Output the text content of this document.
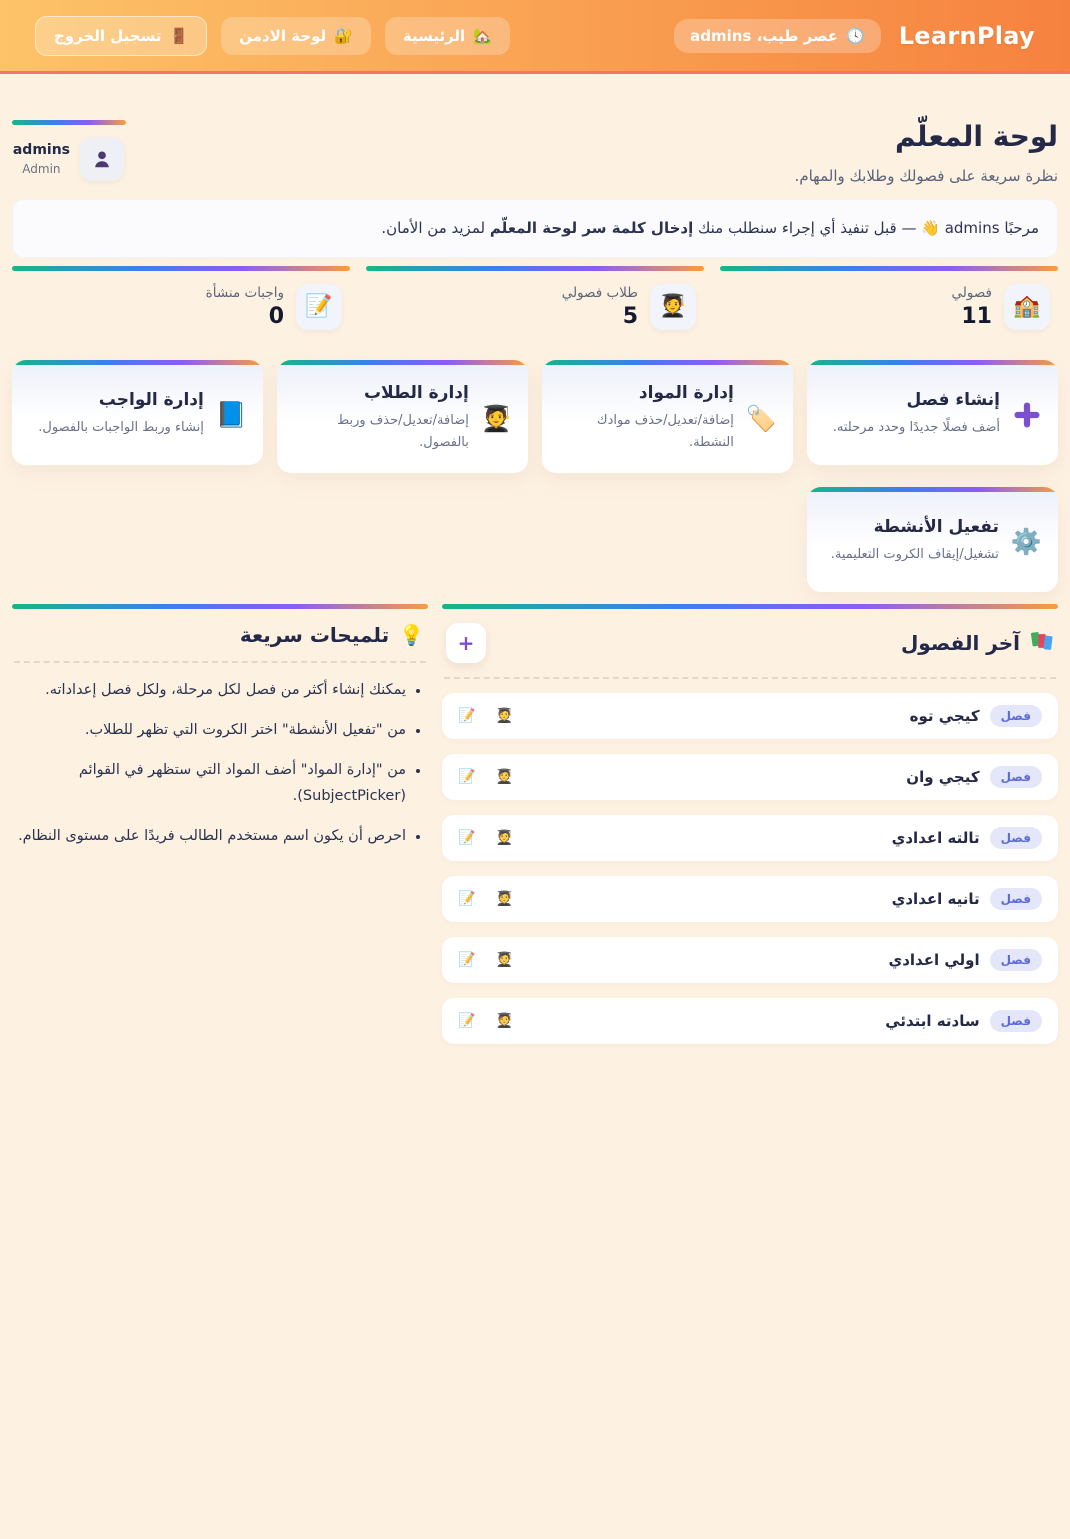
LearnPlay
🕓
عصر طيب، admins
🏡
الرئيسية
🔐
لوحة الادمن
🚪
تسجيل الخروج
لوحة المعلّم

نظرة سريعة على فصولك وطلابك والمهام.

admins
Admin
مرحبًا admins 👋 — قبل تنفيذ أي إجراء سنطلب منك إدخال كلمة سر لوحة المعلّم لمزيد من الأمان.
🏫
فصولي
11
🧑‍🎓
طلاب فصولي
5
📝
واجبات منشأة
0
إنشاء فصل
أضف فصلًا جديدًا وحدد مرحلته.
🏷️
إدارة المواد
إضافة/تعديل/حذف موادك النشطة.
🧑‍🎓
إدارة الطلاب
إضافة/تعديل/حذف وربط بالفصول.
📘
إدارة الواجب
إنشاء وربط الواجبات بالفصول.
⚙️
تفعيل الأنشطة
تشغيل/إيقاف الكروت التعليمية.
آخر الفصول
+
فصل
كيجي توه
🧑‍🎓
📝
فصل
كيجي وان
🧑‍🎓
📝
فصل
تالته اعدادي
🧑‍🎓
📝
فصل
تانيه اعدادي
🧑‍🎓
📝
فصل
اولي اعدادي
🧑‍🎓
📝
فصل
سادته ابتدئي
🧑‍🎓
📝
💡
تلميحات سريعة
• يمكنك إنشاء أكثر من فصل لكل مرحلة، ولكل فصل إعداداته.
• من "تفعيل الأنشطة" اختر الكروت التي تظهر للطلاب.
• من "إدارة المواد" أضف المواد التي ستظهر في القوائم (SubjectPicker).
• احرص أن يكون اسم مستخدم الطالب فريدًا على مستوى النظام.
